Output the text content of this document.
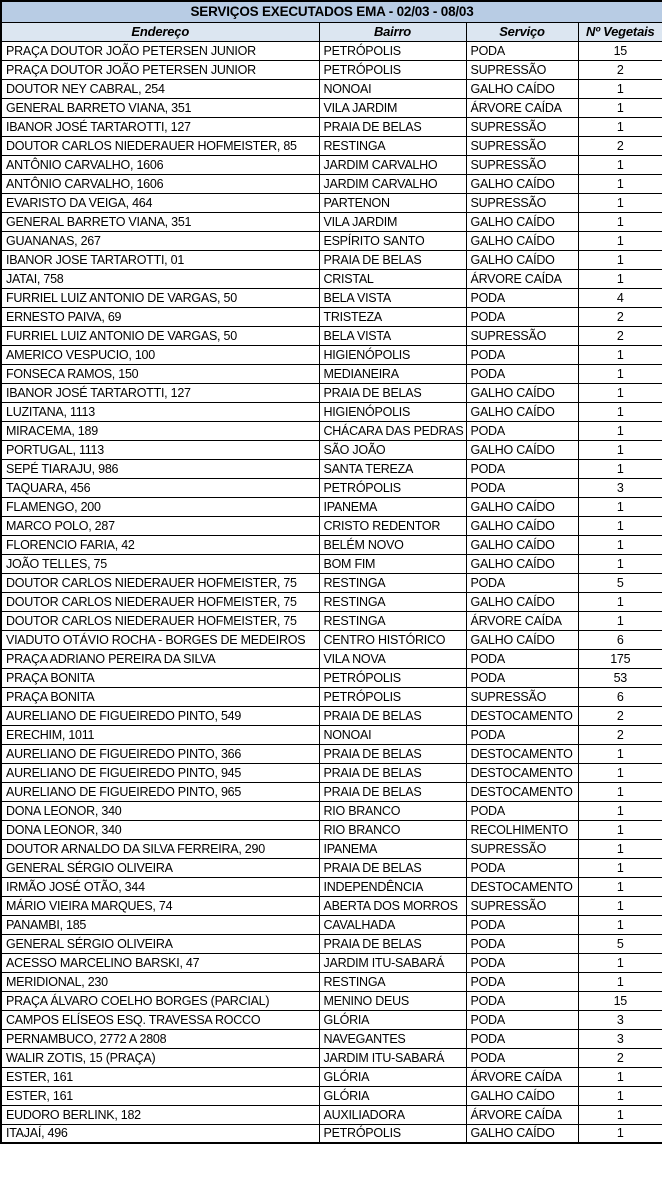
SERVIÇOS EXECUTADOS EMA - 02/03 - 08/03			
Endereço	Bairro	Serviço	Nº Vegetais
PRAÇA DOUTOR JOÃO PETERSEN JUNIOR	PETRÓPOLIS	PODA	15
PRAÇA DOUTOR JOÃO PETERSEN JUNIOR	PETRÓPOLIS	SUPRESSÃO	2
DOUTOR NEY CABRAL, 254	NONOAI	GALHO CAÍDO	1
GENERAL BARRETO VIANA, 351	VILA JARDIM	ÁRVORE CAÍDA	1
IBANOR JOSÉ TARTAROTTI, 127	PRAIA DE BELAS	SUPRESSÃO	1
DOUTOR CARLOS NIEDERAUER HOFMEISTER, 85	RESTINGA	SUPRESSÃO	2
ANTÔNIO CARVALHO, 1606	JARDIM CARVALHO	SUPRESSÃO	1
ANTÔNIO CARVALHO, 1606	JARDIM CARVALHO	GALHO CAÍDO	1
EVARISTO DA VEIGA, 464	PARTENON	SUPRESSÃO	1
GENERAL BARRETO VIANA, 351	VILA JARDIM	GALHO CAÍDO	1
GUANANAS, 267	ESPÍRITO SANTO	GALHO CAÍDO	1
IBANOR JOSE TARTAROTTI, 01	PRAIA DE BELAS	GALHO CAÍDO	1
JATAI, 758	CRISTAL	ÁRVORE CAÍDA	1
FURRIEL LUIZ ANTONIO DE VARGAS, 50	BELA VISTA	PODA	4
ERNESTO PAIVA, 69	TRISTEZA	PODA	2
FURRIEL LUIZ ANTONIO DE VARGAS, 50	BELA VISTA	SUPRESSÃO	2
AMERICO VESPUCIO, 100	HIGIENÓPOLIS	PODA	1
FONSECA RAMOS, 150	MEDIANEIRA	PODA	1
IBANOR JOSÉ TARTAROTTI, 127	PRAIA DE BELAS	GALHO CAÍDO	1
LUZITANA, 1113	HIGIENÓPOLIS	GALHO CAÍDO	1
MIRACEMA, 189	CHÁCARA DAS PEDRAS	PODA	1
PORTUGAL, 1113	SÃO JOÃO	GALHO CAÍDO	1
SEPÉ TIARAJU, 986	SANTA TEREZA	PODA	1
TAQUARA, 456	PETRÓPOLIS	PODA	3
FLAMENGO, 200	IPANEMA	GALHO CAÍDO	1
MARCO POLO, 287	CRISTO REDENTOR	GALHO CAÍDO	1
FLORENCIO FARIA, 42	BELÉM NOVO	GALHO CAÍDO	1
JOÃO TELLES, 75	BOM FIM	GALHO CAÍDO	1
DOUTOR CARLOS NIEDERAUER HOFMEISTER, 75	RESTINGA	PODA	5
DOUTOR CARLOS NIEDERAUER HOFMEISTER, 75	RESTINGA	GALHO CAÍDO	1
DOUTOR CARLOS NIEDERAUER HOFMEISTER, 75	RESTINGA	ÁRVORE CAÍDA	1
VIADUTO OTÁVIO ROCHA - BORGES DE MEDEIROS	CENTRO HISTÓRICO	GALHO CAÍDO	6
PRAÇA ADRIANO PEREIRA DA SILVA	VILA NOVA	PODA	175
PRAÇA BONITA	PETRÓPOLIS	PODA	53
PRAÇA BONITA	PETRÓPOLIS	SUPRESSÃO	6
AURELIANO DE FIGUEIREDO PINTO, 549	PRAIA DE BELAS	DESTOCAMENTO	2
ERECHIM, 1011	NONOAI	PODA	2
AURELIANO DE FIGUEIREDO PINTO, 366	PRAIA DE BELAS	DESTOCAMENTO	1
AURELIANO DE FIGUEIREDO PINTO, 945	PRAIA DE BELAS	DESTOCAMENTO	1
AURELIANO DE FIGUEIREDO PINTO, 965	PRAIA DE BELAS	DESTOCAMENTO	1
DONA LEONOR, 340	RIO BRANCO	PODA	1
DONA LEONOR, 340	RIO BRANCO	RECOLHIMENTO	1
DOUTOR ARNALDO DA SILVA FERREIRA, 290	IPANEMA	SUPRESSÃO	1
GENERAL SÉRGIO OLIVEIRA	PRAIA DE BELAS	PODA	1
IRMÃO JOSÉ OTÃO, 344	INDEPENDÊNCIA	DESTOCAMENTO	1
MÁRIO VIEIRA MARQUES, 74	ABERTA DOS MORROS	SUPRESSÃO	1
PANAMBI, 185	CAVALHADA	PODA	1
GENERAL SÉRGIO OLIVEIRA	PRAIA DE BELAS	PODA	5
ACESSO MARCELINO BARSKI, 47	JARDIM ITU-SABARÁ	PODA	1
MERIDIONAL, 230	RESTINGA	PODA	1
PRAÇA ÁLVARO COELHO BORGES (PARCIAL)	MENINO DEUS	PODA	15
CAMPOS ELÍSEOS ESQ. TRAVESSA ROCCO	GLÓRIA	PODA	3
PERNAMBUCO, 2772 A 2808	NAVEGANTES	PODA	3
WALIR ZOTIS, 15 (PRAÇA)	JARDIM ITU-SABARÁ	PODA	2
ESTER, 161	GLÓRIA	ÁRVORE CAÍDA	1
ESTER, 161	GLÓRIA	GALHO CAÍDO	1
EUDORO BERLINK, 182	AUXILIADORA	ÁRVORE CAÍDA	1
ITAJAÍ, 496	PETRÓPOLIS	GALHO CAÍDO	1
